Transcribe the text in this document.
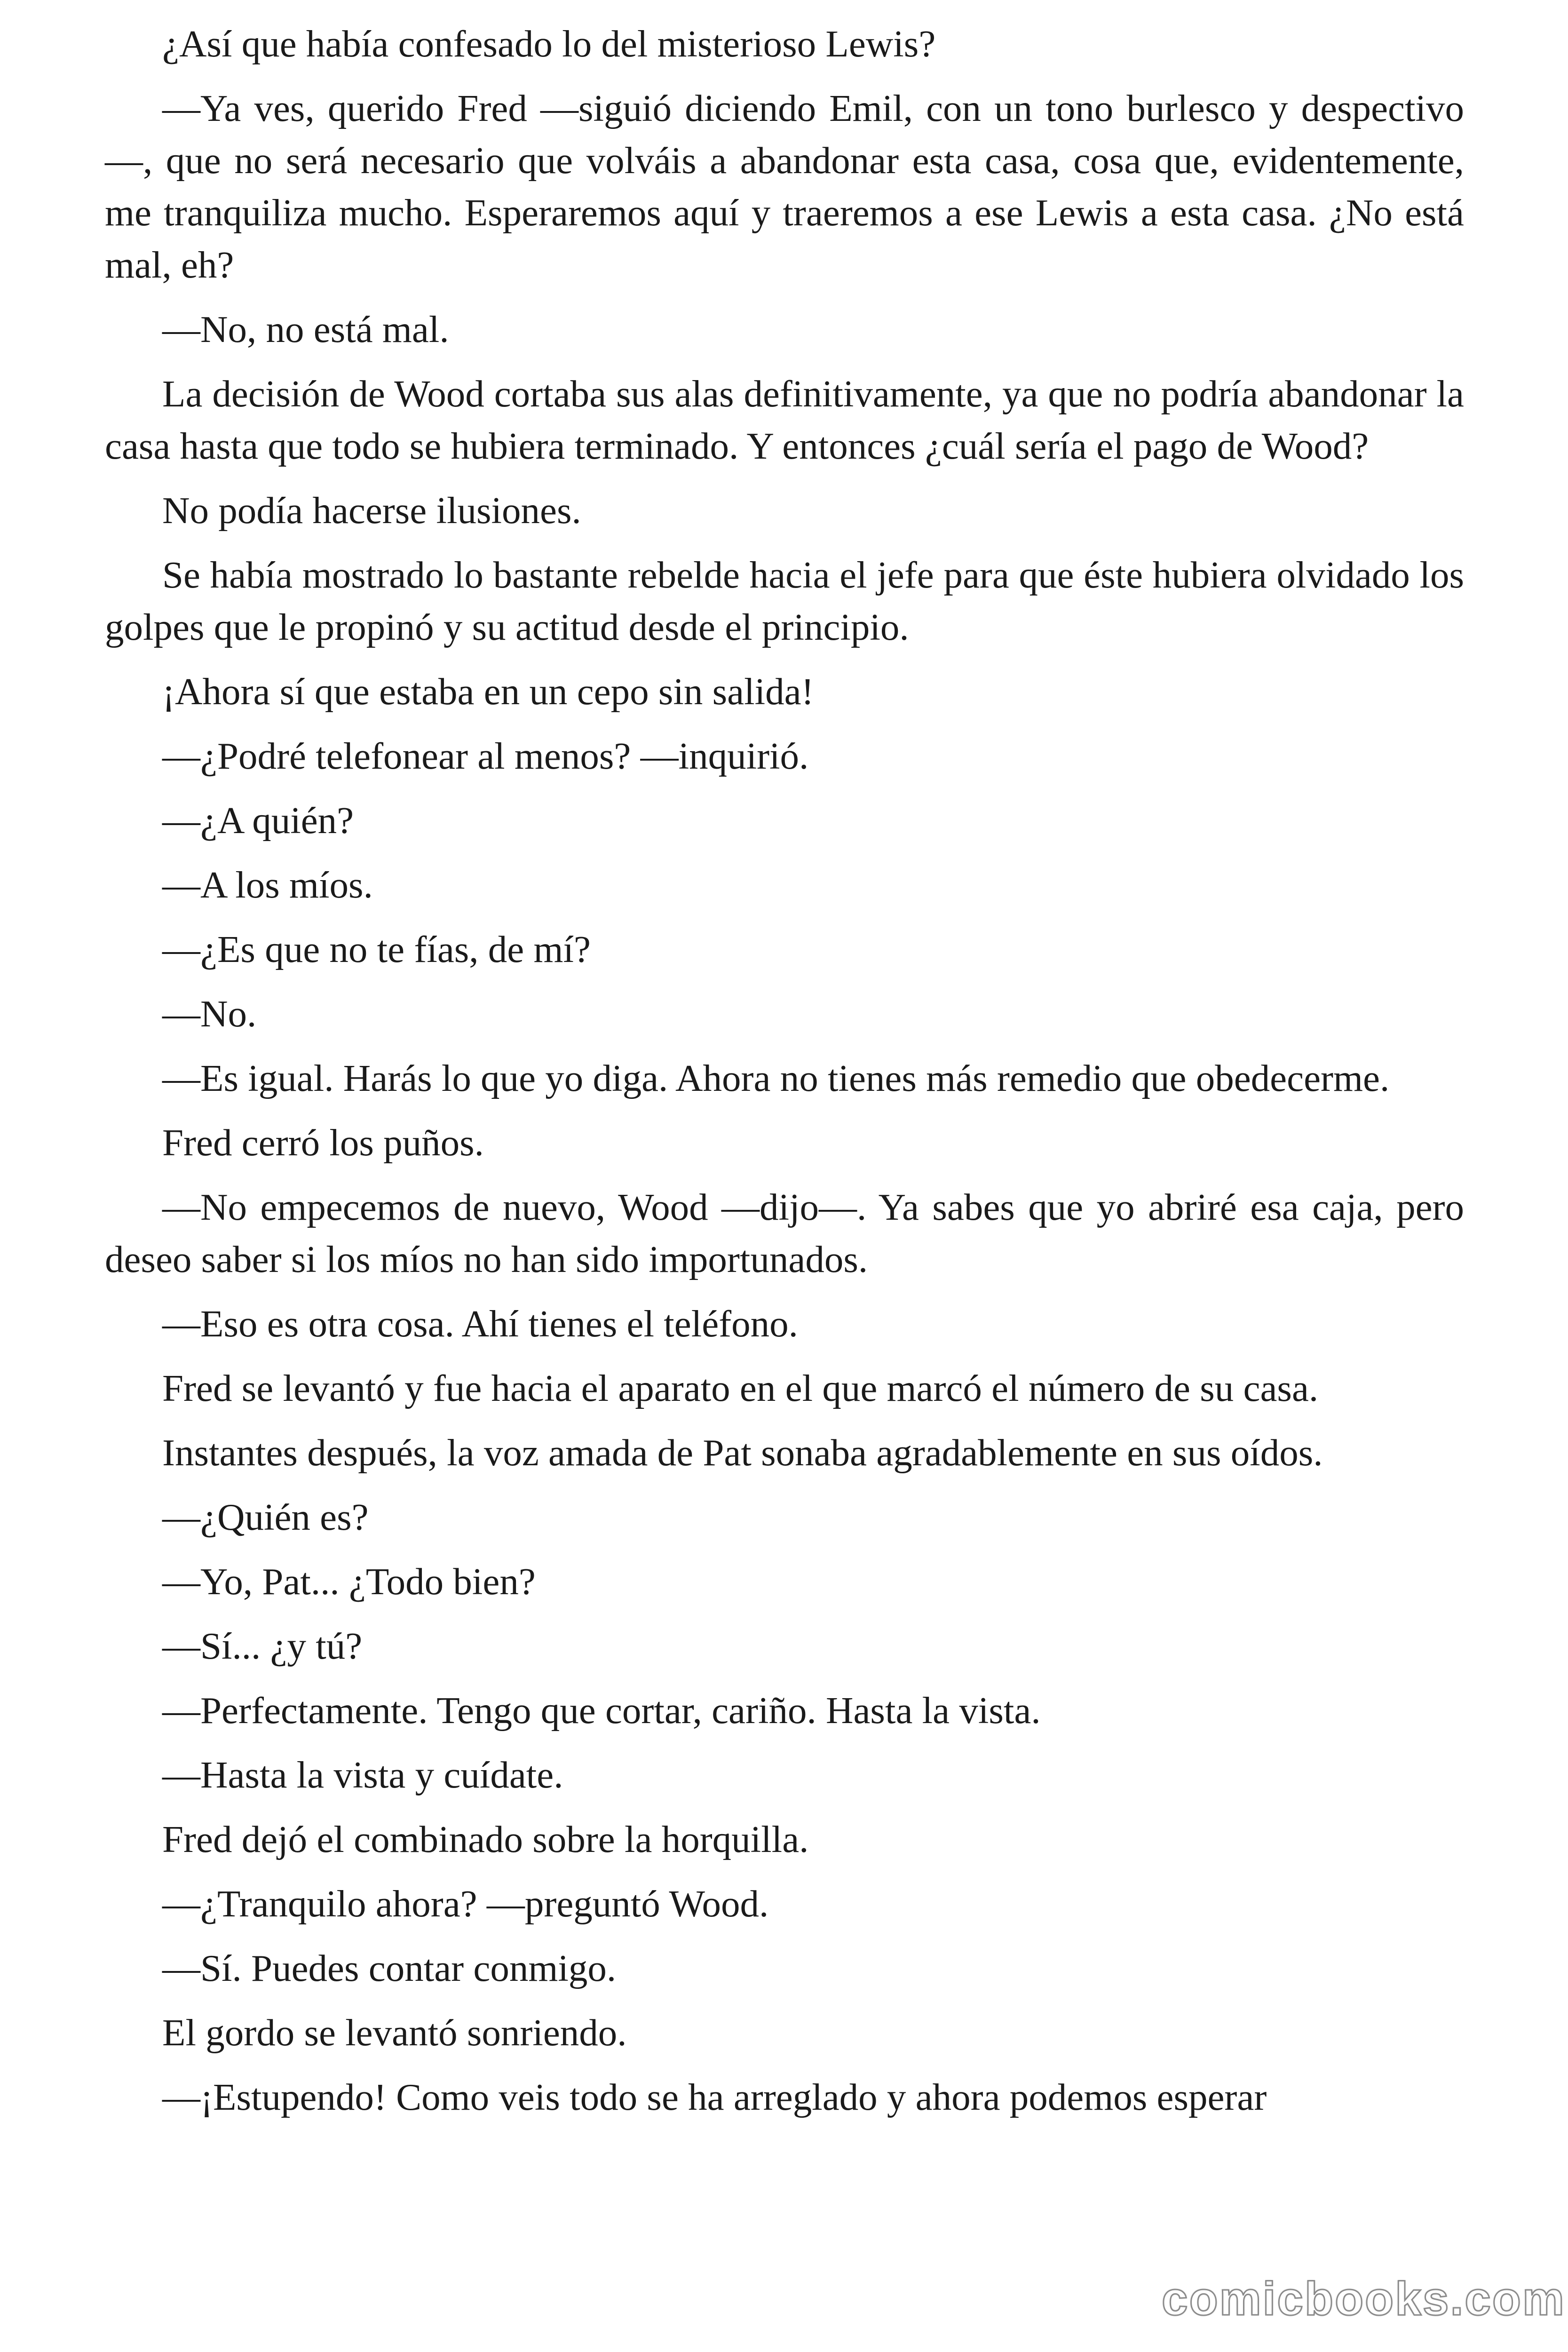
¿Así que había confesado lo del misterioso Lewis?

—Ya ves, querido Fred —siguió diciendo Emil, con un tono burlesco y despectivo—, que no será necesario que volváis a abandonar esta casa, cosa que, evidentemente, me tranquiliza mucho. Esperaremos aquí y traeremos a ese Lewis a esta casa. ¿No está mal, eh?

—No, no está mal.

La decisión de Wood cortaba sus alas definitivamente, ya que no podría abandonar la casa hasta que todo se hubiera terminado. Y entonces ¿cuál sería el pago de Wood?

No podía hacerse ilusiones.

Se había mostrado lo bastante rebelde hacia el jefe para que éste hubiera olvidado los golpes que le propinó y su actitud desde el principio.

¡Ahora sí que estaba en un cepo sin salida!

—¿Podré telefonear al menos? —inquirió.

—¿A quién?

—A los míos.

—¿Es que no te fías, de mí?

—No.

—Es igual. Harás lo que yo diga. Ahora no tienes más remedio que obedecerme.

Fred cerró los puños.

—No empecemos de nuevo, Wood —dijo—. Ya sabes que yo abriré esa caja, pero deseo saber si los míos no han sido importunados.

—Eso es otra cosa. Ahí tienes el teléfono.

Fred se levantó y fue hacia el aparato en el que marcó el número de su casa.

Instantes después, la voz amada de Pat sonaba agradablemente en sus oídos.

—¿Quién es?

—Yo, Pat... ¿Todo bien?

—Sí... ¿y tú?

—Perfectamente. Tengo que cortar, cariño. Hasta la vista.

—Hasta la vista y cuídate.

Fred dejó el combinado sobre la horquilla.

—¿Tranquilo ahora? —preguntó Wood.

—Sí. Puedes contar conmigo.

El gordo se levantó sonriendo.

—¡Estupendo! Como veis todo se ha arreglado y ahora podemos esperar

comicbooks.com
